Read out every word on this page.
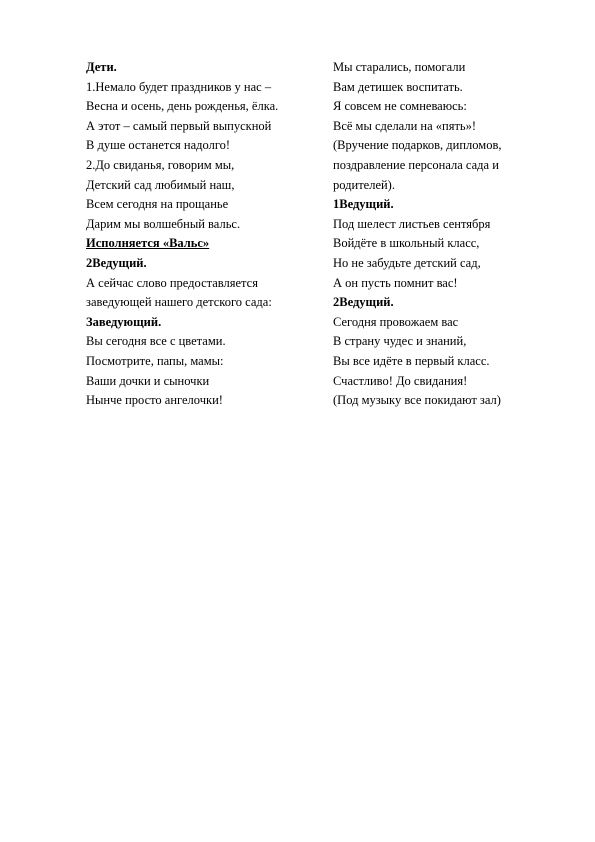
Дети.
1.Немало будет праздников у нас –
Весна и осень, день рожденья, ёлка.
А этот – самый первый выпускной
В душе останется надолго!
2.До свиданья, говорим мы,
Детский сад любимый наш,
Всем сегодня на прощанье
Дарим мы волшебный вальс.
Исполняется «Вальс»
2Ведущий.
А сейчас слово предоставляется
заведующей нашего детского сада:
Заведующий.
Вы сегодня все с цветами.
Посмотрите, папы, мамы:
Ваши дочки и сыночки
Нынче просто ангелочки!
Мы старались, помогали
Вам детишек воспитать.
Я совсем не сомневаюсь:
Всё мы сделали на «пять»!
(Вручение подарков, дипломов,
поздравление персонала сада и
родителей).
1Ведущий.
Под шелест листьев сентября
Войдёте в школьный класс,
Но не забудьте детский сад,
А он пусть помнит вас!
2Ведущий.
Сегодня провожаем вас
В страну чудес и знаний,
Вы все идёте в первый класс.
Счастливо! До свидания!
(Под музыку все покидают зал)
